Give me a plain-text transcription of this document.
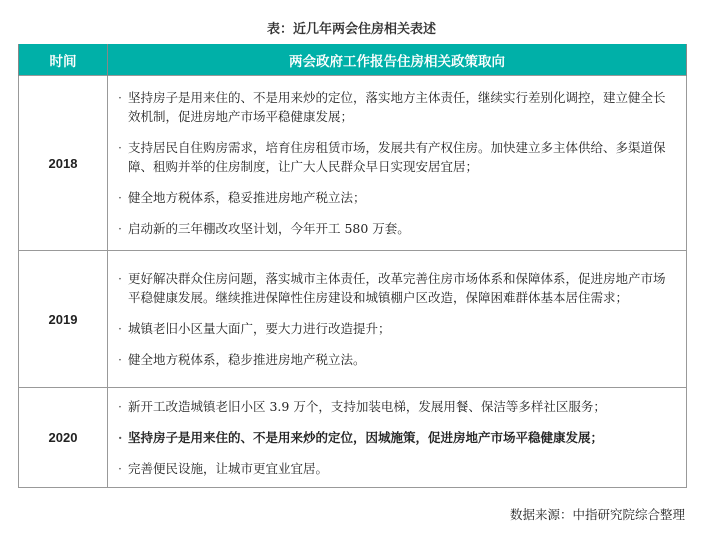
表：近几年两会住房相关表述
时间	两会政府工作报告住房相关政策取向
2018	· 坚持房子是用来住的、不是用来炒的定位，落实地方主体责任，继续实行差别化调控，建立健全长效机制，促进房地产市场平稳健康发展；
· 支持居民自住购房需求，培育住房租赁市场，发展共有产权住房。加快建立多主体供给、多渠道保障、租购并举的住房制度，让广大人民群众早日实现安居宜居；
· 健全地方税体系，稳妥推进房地产税立法；
· 启动新的三年棚改攻坚计划，今年开工 580 万套。

2019	· 更好解决群众住房问题，落实城市主体责任，改革完善住房市场体系和保障体系，促进房地产市场平稳健康发展。继续推进保障性住房建设和城镇棚户区改造，保障困难群体基本居住需求；
· 城镇老旧小区量大面广，要大力进行改造提升；
· 健全地方税体系，稳步推进房地产税立法。

2020	· 新开工改造城镇老旧小区 3.9 万个，支持加装电梯，发展用餐、保洁等多样社区服务；
· 坚持房子是用来住的、不是用来炒的定位，因城施策，促进房地产市场平稳健康发展；
· 完善便民设施，让城市更宜业宜居。
数据来源：中指研究院综合整理
